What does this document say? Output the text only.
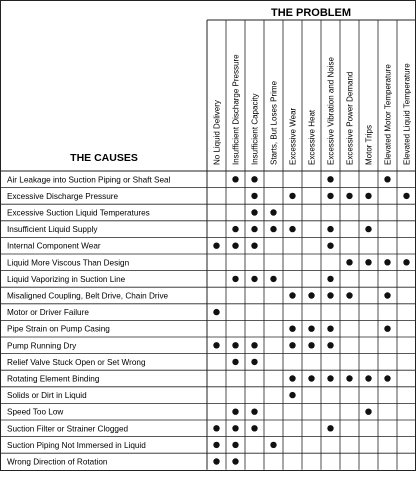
THE PROBLEM
THE CAUSES
Air Leakage into Suction Piping or Shaft Seal
Excessive Discharge Pressure
Excessive Suction Liquid Temperatures
Insufficient Liquid Supply
Internal Component Wear
Liquid More Viscous Than Design
Liquid Vaporizing in Suction Line
Misaligned Coupling, Belt Drive, Chain Drive
Motor or Driver Failure
Pipe Strain on Pump Casing
Pump Running Dry
Relief Valve Stuck Open or Set Wrong
Rotating Element Binding
Solids or Dirt in Liquid
Speed Too Low
Suction Filter or Strainer Clogged
Suction Piping Not Immersed in Liquid
Wrong Direction of Rotation
No Liquid Delivery Insufficient Discharge Pressure Insufficient Capacity Starts, But Loses Prime Excessive Wear Excessive Heat Excessive Vibration and Noise Excessive Power Demand Motor Trips Elevated Motor Temperature Elevated Liquid Temperature
